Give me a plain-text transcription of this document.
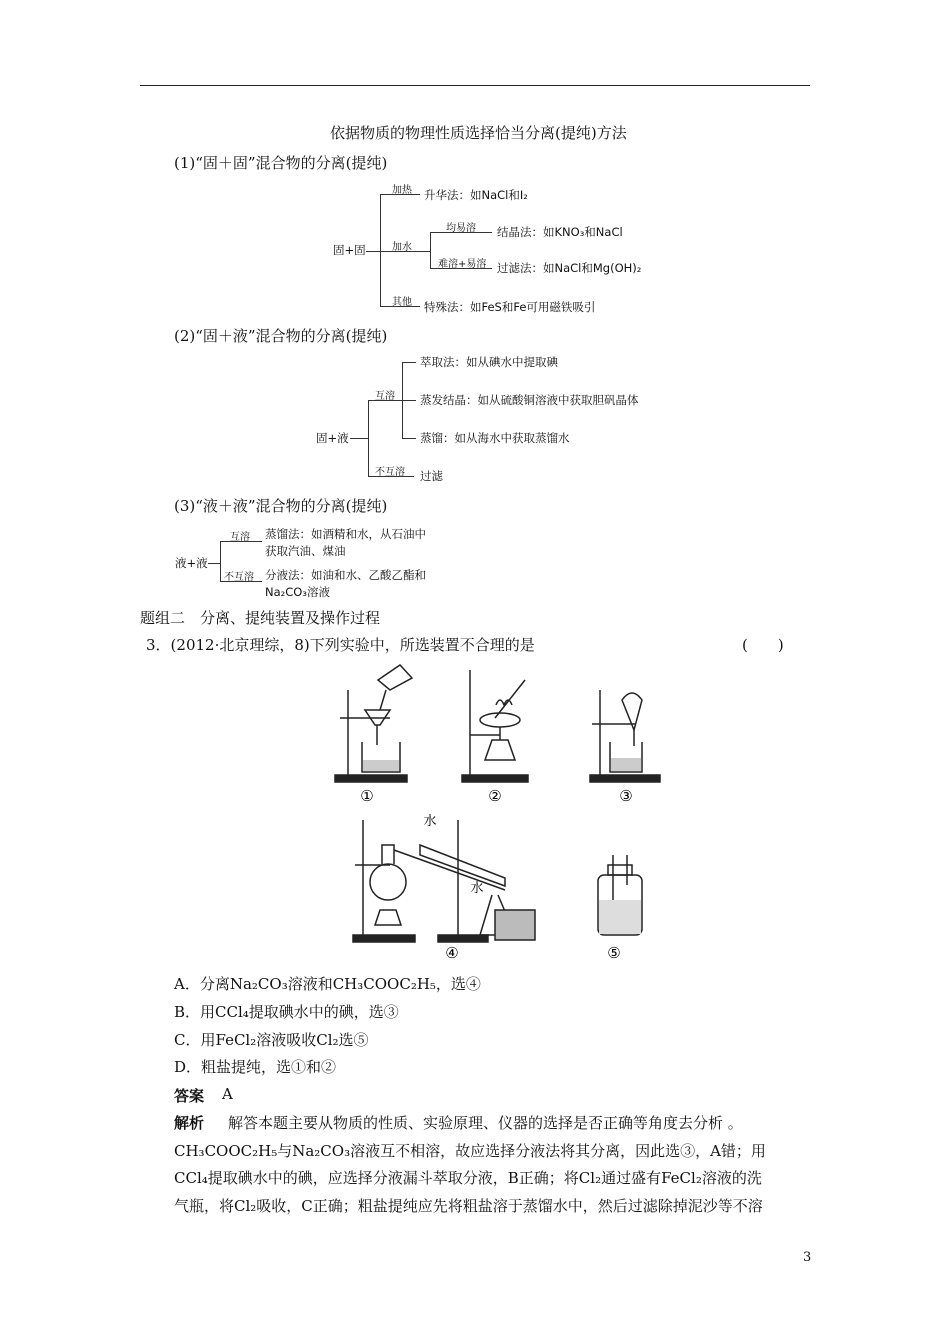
依据物质的物理性质选择恰当分离(提纯)方法
(1)“固＋固”混合物的分离(提纯)
固+固
加热 升华法：如NaCl和I₂
加水
均易溶 结晶法：如KNO₃和NaCl
难溶+易溶 过滤法：如NaCl和Mg(OH)₂
其他 特殊法：如FeS和Fe可用磁铁吸引
(2)“固＋液”混合物的分离(提纯)
固+液
互溶
萃取法：如从碘水中提取碘
蒸发结晶：如从硫酸铜溶液中获取胆矾晶体
蒸馏：如从海水中获取蒸馏水
不互溶 过滤
(3)“液＋液”混合物的分离(提纯)
液+液
互溶 蒸馏法：如酒精和水，从石油中
获取汽油、煤油
不互溶 分液法：如油和水、乙酸乙酯和
Na₂CO₃溶液
题组二　分离、提纯装置及操作过程
3．(2012·北京理综，8)下列实验中，所选装置不合理的是	(　　)
水
水
①	②	③
④	⑤
A．分离Na₂CO₃溶液和CH₃COOC₂H₅，选④
B．用CCl₄提取碘水中的碘，选③
C．用FeCl₂溶液吸收Cl₂选⑤
D．粗盐提纯，选①和②
答案 A
解析 解答本题主要从物质的性质、实验原理、仪器的选择是否正确等角度去分析 。
CH₃COOC₂H₅与Na₂CO₃溶液互不相溶，故应选择分液法将其分离，因此选③，A错；用
CCl₄提取碘水中的碘，应选择分液漏斗萃取分液，B正确；将Cl₂通过盛有FeCl₂溶液的洗
气瓶，将Cl₂吸收，C正确；粗盐提纯应先将粗盐溶于蒸馏水中，然后过滤除掉泥沙等不溶
3
